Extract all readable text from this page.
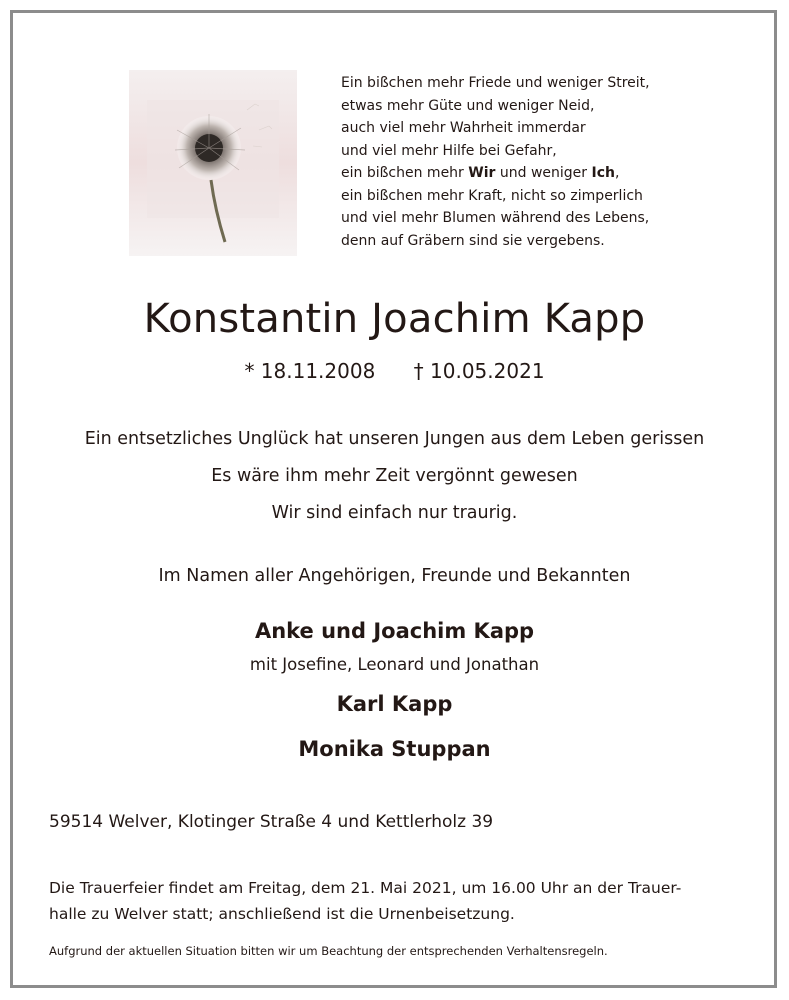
Ein bißchen mehr Friede und weniger Streit,
etwas mehr Güte und weniger Neid,
auch viel mehr Wahrheit immerdar
und viel mehr Hilfe bei Gefahr,
ein bißchen mehr Wir und weniger Ich,
ein bißchen mehr Kraft, nicht so zimperlich
und viel mehr Blumen während des Lebens,
denn auf Gräbern sind sie vergebens.
Konstantin Joachim Kapp
* 18.11.2008 † 10.05.2021
Ein entsetzliches Unglück hat unseren Jungen aus dem Leben gerissen
Es wäre ihm mehr Zeit vergönnt gewesen
Wir sind einfach nur traurig.
Im Namen aller Angehörigen, Freunde und Bekannten
Anke und Joachim Kapp
mit Josefine, Leonard und Jonathan
Karl Kapp
Monika Stuppan
59514 Welver, Klotinger Straße 4 und Kettlerholz 39
Die Trauerfeier findet am Freitag, dem 21. Mai 2021, um 16.00 Uhr an der Trauer-
halle zu Welver statt; anschließend ist die Urnenbeisetzung.
Aufgrund der aktuellen Situation bitten wir um Beachtung der entsprechenden Verhaltensregeln.
